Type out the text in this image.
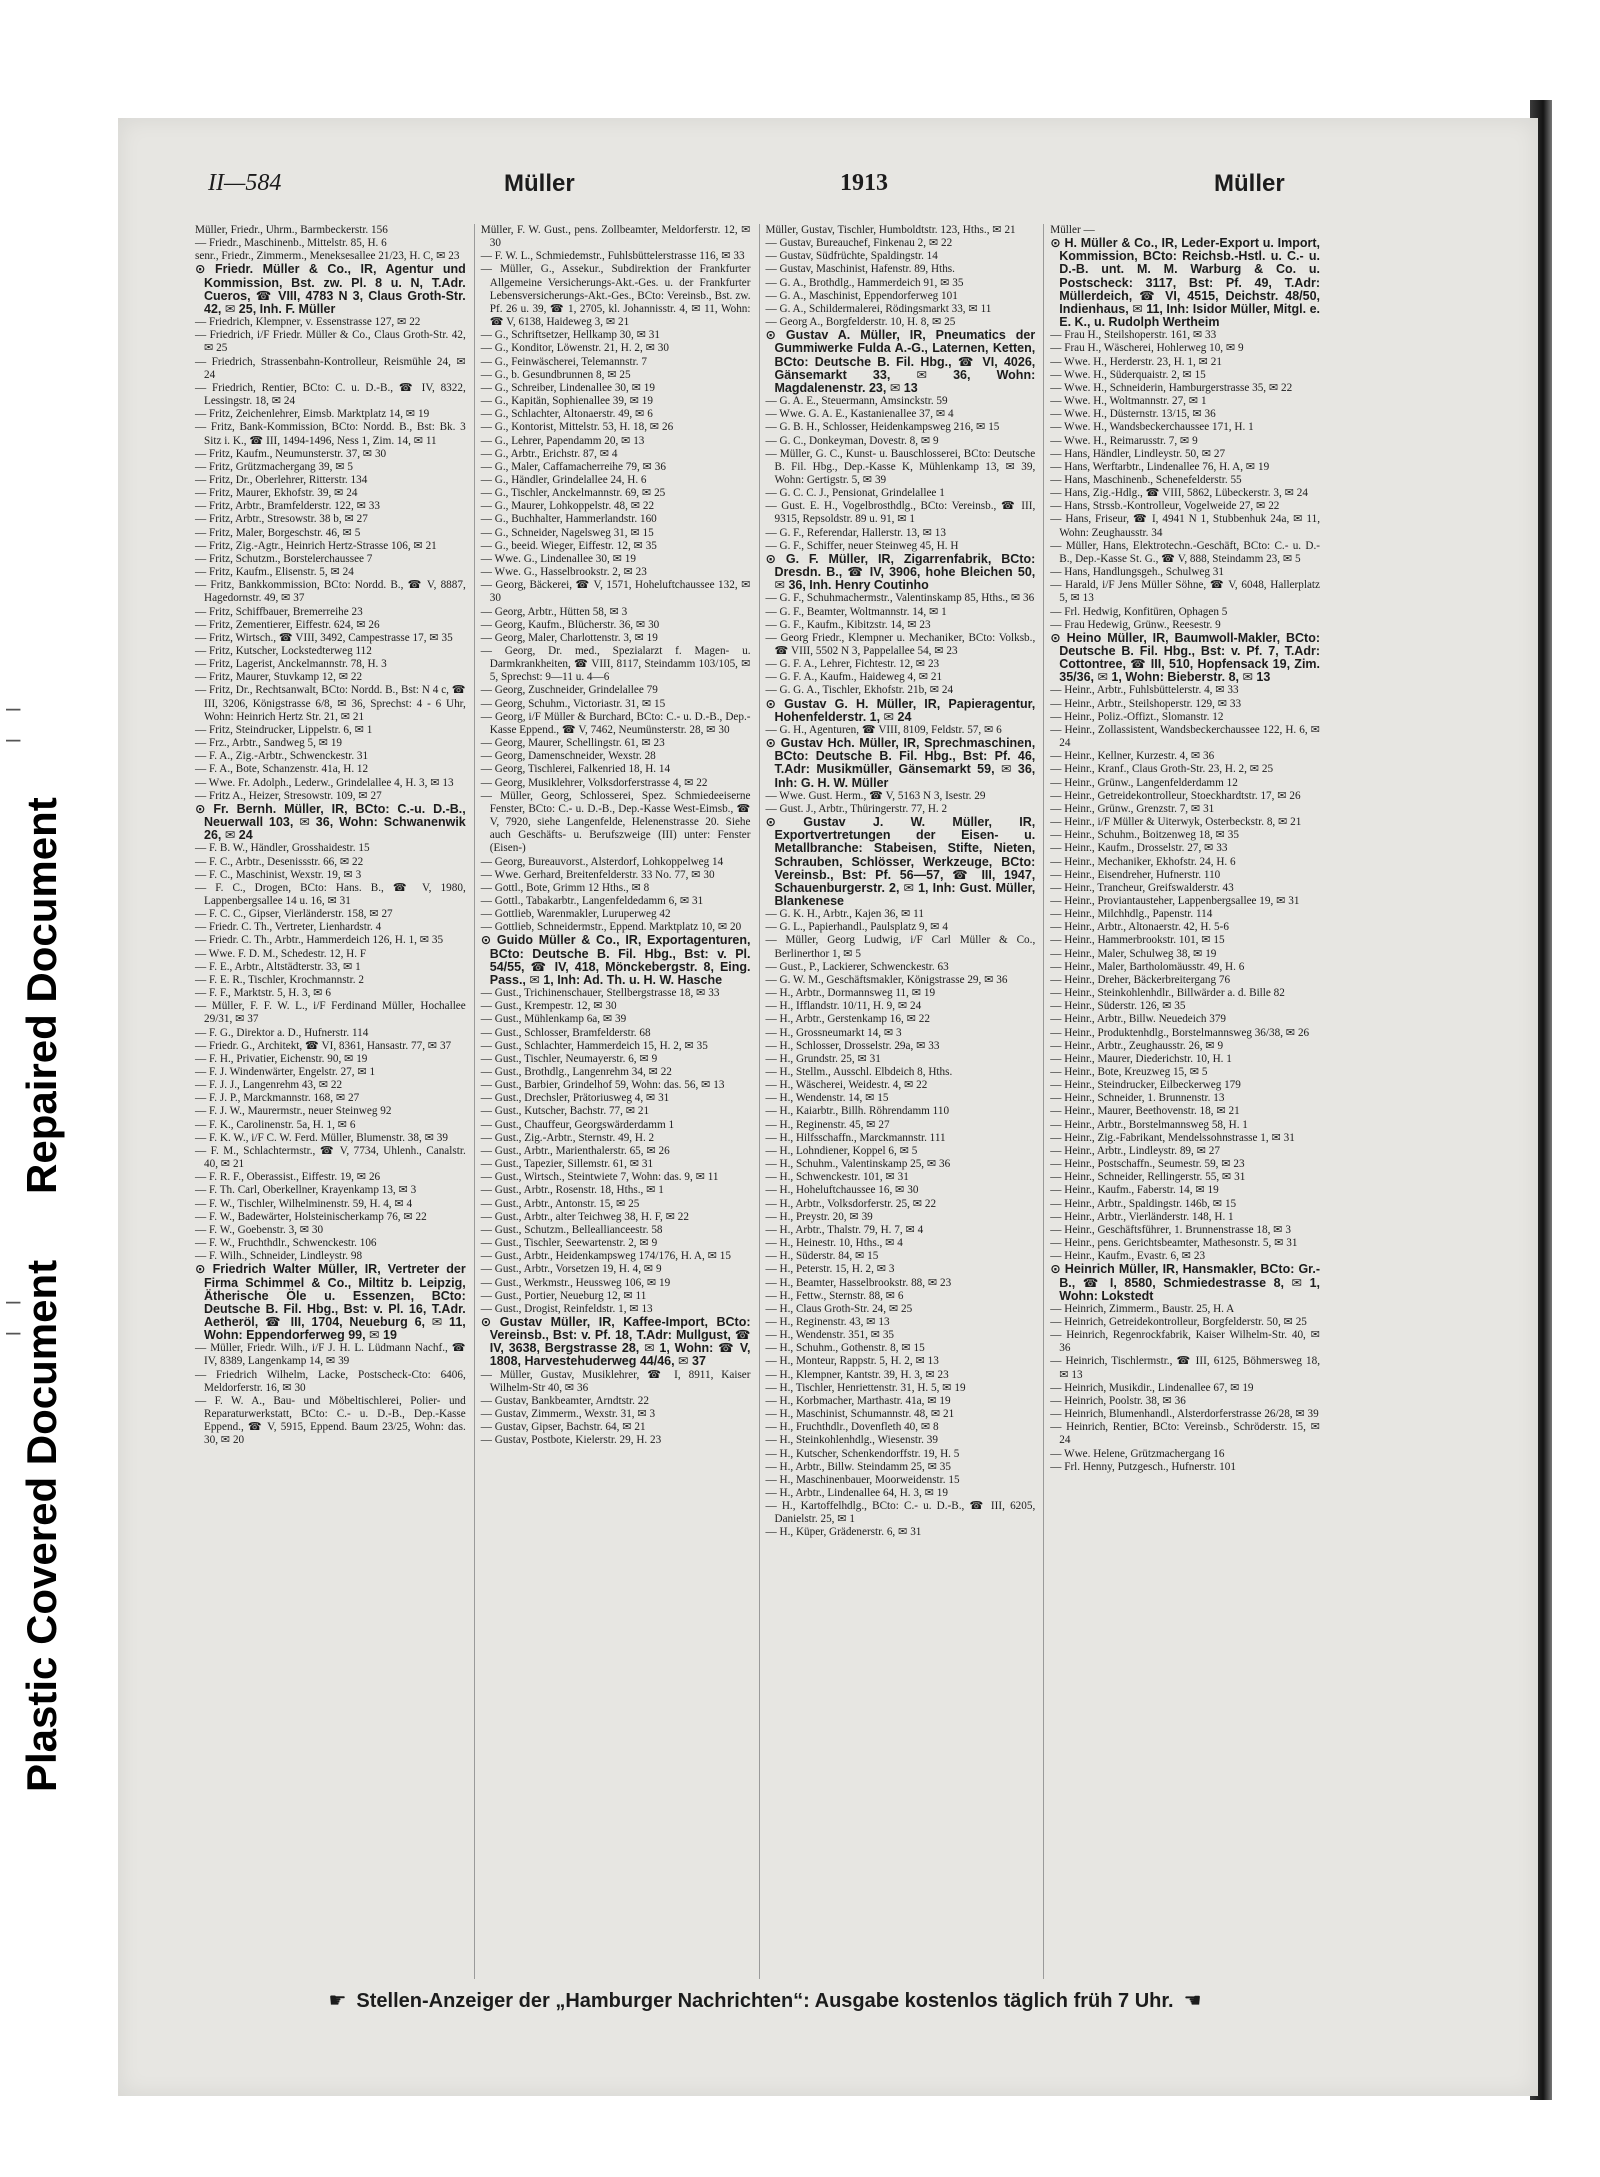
Plastic Covered Document
Repaired Document
–
–
–
–
II—584	Müller	1913	Müller

Müller, Friedr., Uhrm., Barmbeckerstr. 156

— Friedr., Maschinenb., Mittelstr. 85, H. 6

senr., Friedr., Zimmerm., Meneksesallee 21/23, H. C, ✉ 23

⊙ Friedr. Müller & Co., IR, Agentur und Kommission, Bst. zw. Pl. 8 u. N, T.Adr. Cueros, ☎ VIII, 4783 N 3, Claus Groth-Str. 42, ✉ 25, Inh. F. Müller

— Friedrich, Klempner, v. Essenstrasse 127, ✉ 22

— Friedrich, i/F Friedr. Müller & Co., Claus Groth-Str. 42, ✉ 25

— Friedrich, Strassenbahn-Kontrolleur, Reismühle 24, ✉ 24

— Friedrich, Rentier, BCto: C. u. D.-B., ☎ IV, 8322, Lessingstr. 18, ✉ 24

— Fritz, Zeichenlehrer, Eimsb. Marktplatz 14, ✉ 19

— Fritz, Bank-Kommission, BCto: Nordd. B., Bst: Bk. 3 Sitz i. K., ☎ III, 1494-1496, Ness 1, Zim. 14, ✉ 11

— Fritz, Kaufm., Neumunsterstr. 37, ✉ 30

— Fritz, Grützmachergang 39, ✉ 5

— Fritz, Dr., Oberlehrer, Ritterstr. 134

— Fritz, Maurer, Ekhofstr. 39, ✉ 24

— Fritz, Arbtr., Bramfelderstr. 122, ✉ 33

— Fritz, Arbtr., Stresowstr. 38 b, ✉ 27

— Fritz, Maler, Borgeschstr. 46, ✉ 5

— Fritz, Zig.-Agtr., Heinrich Hertz-Strasse 106, ✉ 21

— Fritz, Schutzm., Borstelerchaussee 7

— Fritz, Kaufm., Elisenstr. 5, ✉ 24

— Fritz, Bankkommission, BCto: Nordd. B., ☎ V, 8887, Hagedornstr. 49, ✉ 37

— Fritz, Schiffbauer, Bremerreihe 23

— Fritz, Zementierer, Eiffestr. 624, ✉ 26

— Fritz, Wirtsch., ☎ VIII, 3492, Campestrasse 17, ✉ 35

— Fritz, Kutscher, Lockstedterweg 112

— Fritz, Lagerist, Anckelmannstr. 78, H. 3

— Fritz, Maurer, Stuvkamp 12, ✉ 22

— Fritz, Dr., Rechtsanwalt, BCto: Nordd. B., Bst: N 4 c, ☎ III, 3206, Königstrasse 6/8, ✉ 36, Sprechst: 4 - 6 Uhr, Wohn: Heinrich Hertz Str. 21, ✉ 21

— Fritz, Steindrucker, Lippelstr. 6, ✉ 1

— Frz., Arbtr., Sandweg 5, ✉ 19

— F. A., Zig.-Arbtr., Schwenckestr. 31

— F. A., Bote, Schanzenstr. 41a, H. 12

— Wwe. Fr. Adolph., Lederw., Grindelallee 4, H. 3, ✉ 13

— Fritz A., Heizer, Stresowstr. 109, ✉ 27

⊙ Fr. Bernh. Müller, IR, BCto: C.-u. D.-B., Neuerwall 103, ✉ 36, Wohn: Schwanenwik 26, ✉ 24

— F. B. W., Händler, Grosshaidestr. 15

— F. C., Arbtr., Desenissstr. 66, ✉ 22

— F. C., Maschinist, Wexstr. 19, ✉ 3

— F. C., Drogen, BCto: Hans. B., ☎ V, 1980, Lappenbergsallee 14 u. 16, ✉ 31

— F. C. C., Gipser, Vierländerstr. 158, ✉ 27

— Friedr. C. Th., Vertreter, Lienhardstr. 4

— Friedr. C. Th., Arbtr., Hammerdeich 126, H. 1, ✉ 35

— Wwe. F. D. M., Schedestr. 12, H. F

— F. E., Arbtr., Altstädterstr. 33, ✉ 1

— F. E. R., Tischler, Krochmannstr. 2

— F. F., Marktstr. 5, H. 3, ✉ 6

— Müller, F. F. W. L., i/F Ferdinand Müller, Hochallee 29/31, ✉ 37

— F. G., Direktor a. D., Hufnerstr. 114

— Friedr. G., Architekt, ☎ VI, 8361, Hansastr. 77, ✉ 37

— F. H., Privatier, Eichenstr. 90, ✉ 19

— F. J. Windenwärter, Engelstr. 27, ✉ 1

— F. J. J., Langenrehm 43, ✉ 22

— F. J. P., Marckmannstr. 168, ✉ 27

— F. J. W., Maurermstr., neuer Steinweg 92

— F. K., Carolinenstr. 5a, H. 1, ✉ 6

— F. K. W., i/F C. W. Ferd. Müller, Blumenstr. 38, ✉ 39

— F. M., Schlachtermstr., ☎ V, 7734, Uhlenh., Canalstr. 40, ✉ 21

— F. R. F., Oberassist., Eiffestr. 19, ✉ 26

— F. Th. Carl, Oberkellner, Krayenkamp 13, ✉ 3

— F. W., Tischler, Wilhelminenstr. 59, H. 4, ✉ 4

— F. W., Badewärter, Holsteinischerkamp 76, ✉ 22

— F. W., Goebenstr. 3, ✉ 30

— F. W., Fruchthdlr., Schwenckestr. 106

— F. Wilh., Schneider, Lindleystr. 98

⊙ Friedrich Walter Müller, IR, Vertreter der Firma Schimmel & Co., Miltitz b. Leipzig, Ätherische Öle u. Essenzen, BCto: Deutsche B. Fil. Hbg., Bst: v. Pl. 16, T.Adr. Aetheröl, ☎ III, 1704, Neueburg 6, ✉ 11, Wohn: Eppendorferweg 99, ✉ 19

— Müller, Friedr. Wilh., i/F J. H. L. Lüdmann Nachf., ☎ IV, 8389, Langenkamp 14, ✉ 39

— Friedrich Wilhelm, Lacke, Postscheck-Cto: 6406, Meldorferstr. 16, ✉ 30

— F. W. A., Bau- und Möbeltischlerei, Polier- und Reparaturwerkstatt, BCto: C.- u. D.-B., Dep.-Kasse Eppend., ☎ V, 5915, Eppend. Baum 23/25, Wohn: das. 30, ✉ 20

Müller, F. W. Gust., pens. Zollbeamter, Meldorferstr. 12, ✉ 30

— F. W. L., Schmiedemstr., Fuhlsbüttelerstrasse 116, ✉ 33

— Müller, G., Assekur., Subdirektion der Frankfurter Allgemeine Versicherungs-Akt.-Ges. u. der Frankfurter Lebensversicherungs-Akt.-Ges., BCto: Vereinsb., Bst. zw. Pf. 26 u. 39, ☎ 1, 2705, kl. Johannisstr. 4, ✉ 11, Wohn: ☎ V, 6138, Haideweg 3, ✉ 21

— G., Schriftsetzer, Hellkamp 30, ✉ 31

— G., Konditor, Löwenstr. 21, H. 2, ✉ 30

— G., Feinwäscherei, Telemannstr. 7

— G., b. Gesundbrunnen 8, ✉ 25

— G., Schreiber, Lindenallee 30, ✉ 19

— G., Kapitän, Sophienallee 39, ✉ 19

— G., Schlachter, Altonaerstr. 49, ✉ 6

— G., Kontorist, Mittelstr. 53, H. 18, ✉ 26

— G., Lehrer, Papendamm 20, ✉ 13

— G., Arbtr., Erichstr. 87, ✉ 4

— G., Maler, Caffamacherreihe 79, ✉ 36

— G., Händler, Grindelallee 24, H. 6

— G., Tischler, Anckelmannstr. 69, ✉ 25

— G., Maurer, Lohkoppelstr. 48, ✉ 22

— G., Buchhalter, Hammerlandstr. 160

— G., Schneider, Nagelsweg 31, ✉ 15

— G., beeid. Wieger, Eiffestr. 12, ✉ 35

— Wwe. G., Lindenallee 30, ✉ 19

— Wwe. G., Hasselbrookstr. 2, ✉ 23

— Georg, Bäckerei, ☎ V, 1571, Hoheluftchaussee 132, ✉ 30

— Georg, Arbtr., Hütten 58, ✉ 3

— Georg, Kaufm., Blücherstr. 36, ✉ 30

— Georg, Maler, Charlottenstr. 3, ✉ 19

— Georg, Dr. med., Spezialarzt f. Magen- u. Darmkrankheiten, ☎ VIII, 8117, Steindamm 103/105, ✉ 5, Sprechst: 9—11 u. 4—6

— Georg, Zuschneider, Grindelallee 79

— Georg, Schuhm., Victoriastr. 31, ✉ 15

— Georg, i/F Müller & Burchard, BCto: C.- u. D.-B., Dep.-Kasse Eppend., ☎ V, 7462, Neumünsterstr. 28, ✉ 30

— Georg, Maurer, Schellingstr. 61, ✉ 23

— Georg, Damenschneider, Wexstr. 28

— Georg, Tischlerei, Falkenried 18, H. 14

— Georg, Musiklehrer, Volksdorferstrasse 4, ✉ 22

— Müller, Georg, Schlosserei, Spez. Schmiedeeiserne Fenster, BCto: C.- u. D.-B., Dep.-Kasse West-Eimsb., ☎ V, 7920, siehe Langenfelde, Helenenstrasse 20. Siehe auch Geschäfts- u. Berufszweige (III) unter: Fenster (Eisen-)

— Georg, Bureauvorst., Alsterdorf, Lohkoppelweg 14

— Wwe. Gerhard, Breitenfelderstr. 33 No. 77, ✉ 30

— Gottl., Bote, Grimm 12 Hths., ✉ 8

— Gottl., Tabakarbtr., Langenfeldedamm 6, ✉ 31

— Gottlieb, Warenmakler, Luruperweg 42

— Gottlieb, Schneidermstr., Eppend. Marktplatz 10, ✉ 20

⊙ Guido Müller & Co., IR, Exportagenturen, BCto: Deutsche B. Fil. Hbg., Bst: v. Pl. 54/55, ☎ IV, 418, Mönckebergstr. 8, Eing. Pass., ✉ 1, Inh: Ad. Th. u. H. W. Hasche

— Gust., Trichinenschauer, Stellbergstrasse 18, ✉ 33

— Gust., Krempestr. 12, ✉ 30

— Gust., Mühlenkamp 6a, ✉ 39

— Gust., Schlosser, Bramfelderstr. 68

— Gust., Schlachter, Hammerdeich 15, H. 2, ✉ 35

— Gust., Tischler, Neumayerstr. 6, ✉ 9

— Gust., Brothdlg., Langenrehm 34, ✉ 22

— Gust., Barbier, Grindelhof 59, Wohn: das. 56, ✉ 13

— Gust., Drechsler, Prätoriusweg 4, ✉ 31

— Gust., Kutscher, Bachstr. 77, ✉ 21

— Gust., Chauffeur, Georgswärderdamm 1

— Gust., Zig.-Arbtr., Sternstr. 49, H. 2

— Gust., Arbtr., Marienthalerstr. 65, ✉ 26

— Gust., Tapezier, Sillemstr. 61, ✉ 31

— Gust., Wirtsch., Steintwiete 7, Wohn: das. 9, ✉ 11

— Gust., Arbtr., Rosenstr. 18, Hths., ✉ 1

— Gust., Arbtr., Antonstr. 15, ✉ 25

— Gust., Arbtr., alter Teichweg 38, H. F, ✉ 22

— Gust., Schutzm., Belleallianceestr. 58

— Gust., Tischler, Seewartenstr. 2, ✉ 9

— Gust., Arbtr., Heidenkampsweg 174/176, H. A, ✉ 15

— Gust., Arbtr., Vorsetzen 19, H. 4, ✉ 9

— Gust., Werkmstr., Heussweg 106, ✉ 19

— Gust., Portier, Neueburg 12, ✉ 11

— Gust., Drogist, Reinfeldstr. 1, ✉ 13

⊙ Gustav Müller, IR, Kaffee-Import, BCto: Vereinsb., Bst: v. Pf. 18, T.Adr: Mullgust, ☎ IV, 3638, Bergstrasse 28, ✉ 1, Wohn: ☎ V, 1808, Harvestehuderweg 44/46, ✉ 37

— Müller, Gustav, Musiklehrer, ☎ I, 8911, Kaiser Wilhelm-Str 40, ✉ 36

— Gustav, Bankbeamter, Arndtstr. 22

— Gustav, Zimmerm., Wexstr. 31, ✉ 3

— Gustav, Gipser, Bachstr. 64, ✉ 21

— Gustav, Postbote, Kielerstr. 29, H. 23

Müller, Gustav, Tischler, Humboldtstr. 123, Hths., ✉ 21

— Gustav, Bureauchef, Finkenau 2, ✉ 22

— Gustav, Südfrüchte, Spaldingstr. 14

— Gustav, Maschinist, Hafenstr. 89, Hths.

— G. A., Brothdlg., Hammerdeich 91, ✉ 35

— G. A., Maschinist, Eppendorferweg 101

— G. A., Schildermalerei, Rödingsmarkt 33, ✉ 11

— Georg A., Borgfelderstr. 10, H. 8, ✉ 25

⊙ Gustav A. Müller, IR, Pneumatics der Gummiwerke Fulda A.-G., Laternen, Ketten, BCto: Deutsche B. Fil. Hbg., ☎ VI, 4026, Gänsemarkt 33, ✉ 36, Wohn: Magdalenenstr. 23, ✉ 13

— G. A. E., Steuermann, Amsinckstr. 59

— Wwe. G. A. E., Kastanienallee 37, ✉ 4

— G. B. H., Schlosser, Heidenkampsweg 216, ✉ 15

— G. C., Donkeyman, Dovestr. 8, ✉ 9

— Müller, G. C., Kunst- u. Bauschlosserei, BCto: Deutsche B. Fil. Hbg., Dep.-Kasse K, Mühlenkamp 13, ✉ 39, Wohn: Gertigstr. 5, ✉ 39

— G. C. C. J., Pensionat, Grindelallee 1

— Gust. E. H., Vogelbrosthdlg., BCto: Vereinsb., ☎ III, 9315, Repsoldstr. 89 u. 91, ✉ 1

— G. F., Referendar, Hallerstr. 13, ✉ 13

— G. F., Schiffer, neuer Steinweg 45, H. H

⊙ G. F. Müller, IR, Zigarrenfabrik, BCto: Dresdn. B., ☎ IV, 3906, hohe Bleichen 50, ✉ 36, Inh. Henry Coutinho

— G. F., Schuhmachermstr., Valentinskamp 85, Hths., ✉ 36

— G. F., Beamter, Woltmannstr. 14, ✉ 1

— G. F., Kaufm., Kibitzstr. 14, ✉ 23

— Georg Friedr., Klempner u. Mechaniker, BCto: Volksb., ☎ VIII, 5502 N 3, Pappelallee 54, ✉ 23

— G. F. A., Lehrer, Fichtestr. 12, ✉ 23

— G. F. A., Kaufm., Haideweg 4, ✉ 21

— G. G. A., Tischler, Ekhofstr. 21b, ✉ 24

⊙ Gustav G. H. Müller, IR, Papieragentur, Hohenfelderstr. 1, ✉ 24

— G. H., Agenturen, ☎ VIII, 8109, Feldstr. 57, ✉ 6

⊙ Gustav Hch. Müller, IR, Sprechmaschinen, BCto: Deutsche B. Fil. Hbg., Bst: Pf. 46, T.Adr: Musikmüller, Gänsemarkt 59, ✉ 36, Inh: G. H. W. Müller

— Wwe. Gust. Herm., ☎ V, 5163 N 3, Isestr. 29

— Gust. J., Arbtr., Thüringerstr. 77, H. 2

⊙ Gustav J. W. Müller, IR, Exportvertretungen der Eisen- u. Metallbranche: Stabeisen, Stifte, Nieten, Schrauben, Schlösser, Werkzeuge, BCto: Vereinsb., Bst: Pf. 56—57, ☎ III, 1947, Schauenburgerstr. 2, ✉ 1, Inh: Gust. Müller, Blankenese

— G. K. H., Arbtr., Kajen 36, ✉ 11

— G. L., Papierhandl., Paulsplatz 9, ✉ 4

— Müller, Georg Ludwig, i/F Carl Müller & Co., Berlinerthor 1, ✉ 5

— Gust., P., Lackierer, Schwenckestr. 63

— G. W. M., Geschäftsmakler, Königstrasse 29, ✉ 36

— H., Arbtr., Dormannsweg 11, ✉ 19

— H., Ifflandstr. 10/11, H. 9, ✉ 24

— H., Arbtr., Gerstenkamp 16, ✉ 22

— H., Grossneumarkt 14, ✉ 3

— H., Schlosser, Drosselstr. 29a, ✉ 33

— H., Grundstr. 25, ✉ 31

— H., Stellm., Ausschl. Elbdeich 8, Hths.

— H., Wäscherei, Weidestr. 4, ✉ 22

— H., Wendenstr. 14, ✉ 15

— H., Kaiarbtr., Billh. Röhrendamm 110

— H., Reginenstr. 45, ✉ 27

— H., Hilfsschaffn., Marckmannstr. 111

— H., Lohndiener, Koppel 6, ✉ 5

— H., Schuhm., Valentinskamp 25, ✉ 36

— H., Schwenckestr. 101, ✉ 31

— H., Hoheluftchaussee 16, ✉ 30

— H., Arbtr., Volksdorferstr. 25, ✉ 22

— H., Preystr. 20, ✉ 39

— H., Arbtr., Thalstr. 79, H. 7, ✉ 4

— H., Heinestr. 10, Hths., ✉ 4

— H., Süderstr. 84, ✉ 15

— H., Peterstr. 15, H. 2, ✉ 3

— H., Beamter, Hasselbrookstr. 88, ✉ 23

— H., Fettw., Sternstr. 88, ✉ 6

— H., Claus Groth-Str. 24, ✉ 25

— H., Reginenstr. 43, ✉ 13

— H., Wendenstr. 351, ✉ 35

— H., Schuhm., Gothenstr. 8, ✉ 15

— H., Monteur, Rappstr. 5, H. 2, ✉ 13

— H., Klempner, Kantstr. 39, H. 3, ✉ 23

— H., Tischler, Henriettenstr. 31, H. 5, ✉ 19

— H., Korbmacher, Marthastr. 41a, ✉ 19

— H., Maschinist, Schumannstr. 48, ✉ 21

— H., Fruchthdlr., Dovenfleth 40, ✉ 8

— H., Steinkohlenhdlg., Wiesenstr. 39

— H., Kutscher, Schenkendorffstr. 19, H. 5

— H., Arbtr., Billw. Steindamm 25, ✉ 35

— H., Maschinenbauer, Moorweidenstr. 15

— H., Arbtr., Lindenallee 64, H. 3, ✉ 19

— H., Kartoffelhdlg., BCto: C.- u. D.-B., ☎ III, 6205, Danielstr. 25, ✉ 1

— H., Küper, Grädenerstr. 6, ✉ 31

Müller —

⊙ H. Müller & Co., IR, Leder-Export u. Import, Kommission, BCto: Reichsb.-Hstl. u. C.- u. D.-B. unt. M. M. Warburg & Co. u. Postscheck: 3117, Bst: Pf. 49, T.Adr: Müllerdeich, ☎ VI, 4515, Deichstr. 48/50, Indienhaus, ✉ 11, Inh: Isidor Müller, Mitgl. e. E. K., u. Rudolph Wertheim

— Frau H., Steilshoperstr. 161, ✉ 33

— Frau H., Wäscherei, Hohlerweg 10, ✉ 9

— Wwe. H., Herderstr. 23, H. 1, ✉ 21

— Wwe. H., Süderquaistr. 2, ✉ 15

— Wwe. H., Schneiderin, Hamburgerstrasse 35, ✉ 22

— Wwe. H., Woltmannstr. 27, ✉ 1

— Wwe. H., Düsternstr. 13/15, ✉ 36

— Wwe. H., Wandsbeckerchaussee 171, H. 1

— Wwe. H., Reimarusstr. 7, ✉ 9

— Hans, Händler, Lindleystr. 50, ✉ 27

— Hans, Werftarbtr., Lindenallee 76, H. A, ✉ 19

— Hans, Maschinenb., Schenefelderstr. 55

— Hans, Zig.-Hdlg., ☎ VIII, 5862, Lübeckerstr. 3, ✉ 24

— Hans, Strssb.-Kontrolleur, Vogelweide 27, ✉ 22

— Hans, Friseur, ☎ I, 4941 N 1, Stubbenhuk 24a, ✉ 11, Wohn: Zeughausstr. 34

— Müller, Hans, Elektrotechn.-Geschäft, BCto: C.- u. D.-B., Dep.-Kasse St. G., ☎ V, 888, Steindamm 23, ✉ 5

— Hans, Handlungsgeh., Schulweg 31

— Harald, i/F Jens Müller Söhne, ☎ V, 6048, Hallerplatz 5, ✉ 13

— Frl. Hedwig, Konfitüren, Ophagen 5

— Frau Hedewig, Grünw., Reesestr. 9

⊙ Heino Müller, IR, Baumwoll-Makler, BCto: Deutsche B. Fil. Hbg., Bst: v. Pf. 7, T.Adr: Cottontree, ☎ III, 510, Hopfensack 19, Zim. 35/36, ✉ 1, Wohn: Bieberstr. 8, ✉ 13

— Heinr., Arbtr., Fuhlsbüttelerstr. 4, ✉ 33

— Heinr., Arbtr., Steilshoperstr. 129, ✉ 33

— Heinr., Poliz.-Offizt., Slomanstr. 12

— Heinr., Zollassistent, Wandsbeckerchaussee 122, H. 6, ✉ 24

— Heinr., Kellner, Kurzestr. 4, ✉ 36

— Heinr., Kranf., Claus Groth-Str. 23, H. 2, ✉ 25

— Heinr., Grünw., Langenfelderdamm 12

— Heinr., Getreidekontrolleur, Stoeckhardtstr. 17, ✉ 26

— Heinr., Grünw., Grenzstr. 7, ✉ 31

— Heinr., i/F Müller & Uiterwyk, Osterbeckstr. 8, ✉ 21

— Heinr., Schuhm., Boitzenweg 18, ✉ 35

— Heinr., Kaufm., Drosselstr. 27, ✉ 33

— Heinr., Mechaniker, Ekhofstr. 24, H. 6

— Heinr., Eisendreher, Hufnerstr. 110

— Heinr., Trancheur, Greifswalderstr. 43

— Heinr., Proviantausteher, Lappenbergsallee 19, ✉ 31

— Heinr., Milchhdlg., Papenstr. 114

— Heinr., Arbtr., Altonaerstr. 42, H. 5-6

— Heinr., Hammerbrookstr. 101, ✉ 15

— Heinr., Maler, Schulweg 38, ✉ 19

— Heinr., Maler, Bartholomäusstr. 49, H. 6

— Heinr., Dreher, Bäckerbreitergang 76

— Heinr., Steinkohlenhdlr., Billwärder a. d. Bille 82

— Heinr., Süderstr. 126, ✉ 35

— Heinr., Arbtr., Billw. Neuedeich 379

— Heinr., Produktenhdlg., Borstelmannsweg 36/38, ✉ 26

— Heinr., Arbtr., Zeughausstr. 26, ✉ 9

— Heinr., Maurer, Diederichstr. 10, H. 1

— Heinr., Bote, Kreuzweg 15, ✉ 5

— Heinr., Steindrucker, Eilbeckerweg 179

— Heinr., Schneider, 1. Brunnenstr. 13

— Heinr., Maurer, Beethovenstr. 18, ✉ 21

— Heinr., Arbtr., Borstelmannsweg 58, H. 1

— Heinr., Zig.-Fabrikant, Mendelssohnstrasse 1, ✉ 31

— Heinr., Arbtr., Lindleystr. 89, ✉ 27

— Heinr., Postschaffn., Seumestr. 59, ✉ 23

— Heinr., Schneider, Rellingerstr. 55, ✉ 31

— Heinr., Kaufm., Faberstr. 14, ✉ 19

— Heinr., Arbtr., Spaldingstr. 146b, ✉ 15

— Heinr., Arbtr., Vierländerstr. 148, H. 1

— Heinr., Geschäftsführer, 1. Brunnenstrasse 18, ✉ 3

— Heinr., pens. Gerichtsbeamter, Mathesonstr. 5, ✉ 31

— Heinr., Kaufm., Evastr. 6, ✉ 23

⊙ Heinrich Müller, IR, Hansmakler, BCto: Gr.-B., ☎ I, 8580, Schmiedestrasse 8, ✉ 1, Wohn: Lokstedt

— Heinrich, Zimmerm., Baustr. 25, H. A

— Heinrich, Getreidekontrolleur, Borgfelderstr. 50, ✉ 25

— Heinrich, Regenrockfabrik, Kaiser Wilhelm-Str. 40, ✉ 36

— Heinrich, Tischlermstr., ☎ III, 6125, Böhmersweg 18, ✉ 13

— Heinrich, Musikdir., Lindenallee 67, ✉ 19

— Heinrich, Poolstr. 38, ✉ 36

— Heinrich, Blumenhandl., Alsterdorferstrasse 26/28, ✉ 39

— Heinrich, Rentier, BCto: Vereinsb., Schröderstr. 15, ✉ 24

— Wwe. Helene, Grützmachergang 16

— Frl. Henny, Putzgesch., Hufnerstr. 101

☛ Stellen-Anzeiger der „Hamburger Nachrichten“: Ausgabe kostenlos täglich früh 7 Uhr. ☚
